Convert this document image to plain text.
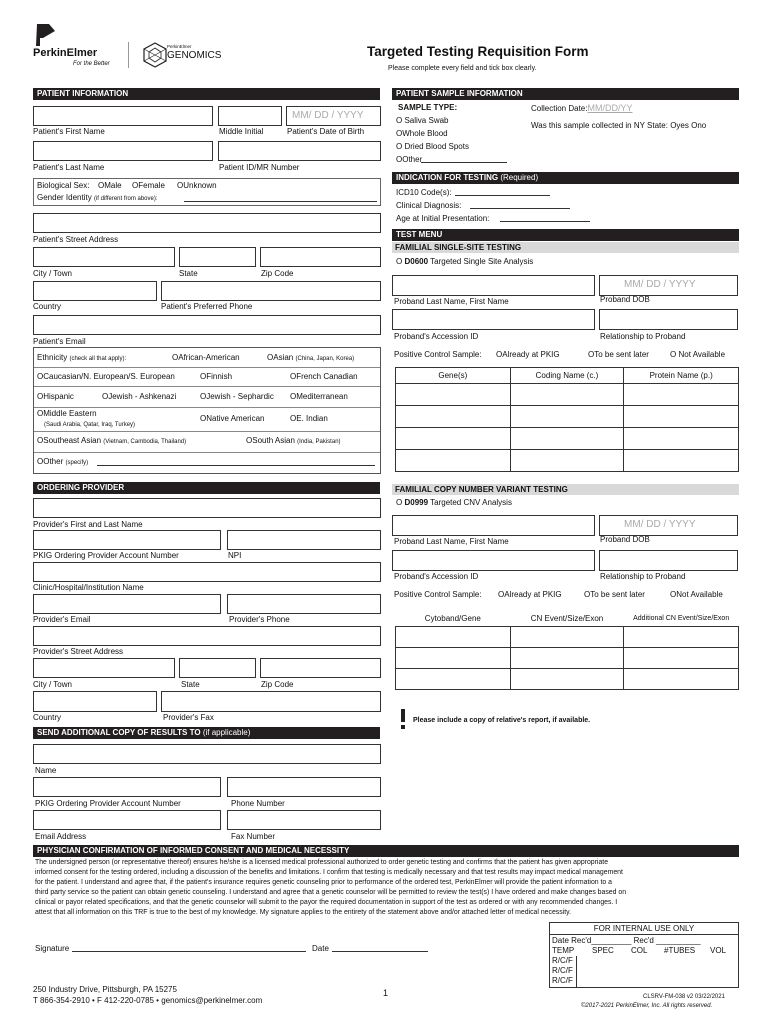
PerkinElmer
For the Better
PerkinElmer
GENOMICS	Targeted Testing Requisition Form
Please complete every field and tick box clearly.
PATIENT INFORMATION
MM/ DD / YYYY
Patient's First Name	Middle Initial	Patient's Date of Birth
Patient's Last Name	Patient ID/MR Number
Biological Sex: OMale OFemale OUnknown
Gender Identity (if different from above):
Patient's Street Address
City / Town	State	Zip Code
Country	Patient's Preferred Phone
Patient's Email
Ethnicity (check all that apply):	OAfrican-American	OAsian (China, Japan, Korea)
OCaucasian/N. European/S. European	OFinnish	OFrench Canadian
OHispanic	OJewish - Ashkenazi	OJewish - Sephardic OMediterranean
OMiddle Eastern
(Saudi Arabia, Qatar, Iraq, Turkey)
ONative American	OE. Indian
OSoutheast Asian (Vietnam, Cambodia, Thailand)	OSouth Asian (India, Pakistan)
OOther (specify)
ORDERING PROVIDER
Provider's First and Last Name
PKIG Ordering Provider Account Number	NPI
Clinic/Hospital/Institution Name
Provider's Email	Provider's Phone
Provider's Street Address
City / Town	State	Zip Code
Country	Provider's Fax
SEND ADDITIONAL COPY OF RESULTS TO (if applicable)
Name
PKIG Ordering Provider Account Number	Phone Number
Email Address	Fax Number
PATIENT SAMPLE INFORMATION
SAMPLE TYPE:
O Saliva Swab
OWhole Blood
O Dried Blood Spots
OOther
Collection Date:MM/DD/YY
Was this sample collected in NY State: Oyes Ono
INDICATION FOR TESTING (Required)
ICD10 Code(s):
Clinical Diagnosis:
Age at Initial Presentation:
TEST MENU
FAMILIAL SINGLE-SITE TESTING
O D0600 Targeted Single Site Analysis
MM/ DD / YYYY
Proband Last Name, First Name	Proband DOB
Proband's Accession ID	Relationship to Proband
Positive Control Sample: OAlready at PKIG	OTo be sent later	O Not Available
Gene(s)	Coding Name (c.)	Protein Name (p.)

FAMILIAL COPY NUMBER VARIANT TESTING
O D0999 Targeted CNV Analysis
MM/ DD / YYYY
Proband Last Name, First Name	Proband DOB
Proband's Accession ID	Relationship to Proband
Positive Control Sample: OAlready at PKIG	OTo be sent later	ONot Available
Cytoband/Gene	CN Event/Size/Exon	Additional CN Event/Size/Exon

Please include a copy of relative's report, if available.
PHYSICIAN CONFIRMATION OF INFORMED CONSENT AND MEDICAL NECESSITY
The undersigned person (or representative thereof) ensures he/she is a licensed medical professional authorized to order genetic testing and confirms that the patient has given appropriate
informed consent for the testing ordered, including a discussion of the benefits and limitations. I confirm that testing is medically necessary and that test results may impact medical management
for the patient. I understand and agree that, if the patient's insurance requires genetic counseling prior to performance of the ordered test, PerkinElmer will provide the patient information to a
third party service so the patient can obtain genetic counseling. I understand and agree that a genetic counselor will be permitted to review the test(s) I have ordered and make changes based on
clinical or payor related specifications, and that the genetic counselor will submit to the payor the required documentation in support of the test as ordered or with any recommended changes. I
attest that all information on this TRF is true to the best of my knowledge. My signature applies to the entirety of the statement above and/or attached letter of medical necessity.
Signature	Date
FOR INTERNAL USE ONLY
Date Rec'd_________ Rec'd __________
TEMP SPEC COL #TUBES VOL
R/C/F
R/C/F
R/C/F
250 Industry Drive, Pittsburgh, PA 15275
T 866-354-2910 • F 412-220-0785 • genomics@perkinelmer.com
1	CLSRV-FM-038 v2 03/22/2021
©2017-2021 PerkinElmer, Inc. All rights reserved.
